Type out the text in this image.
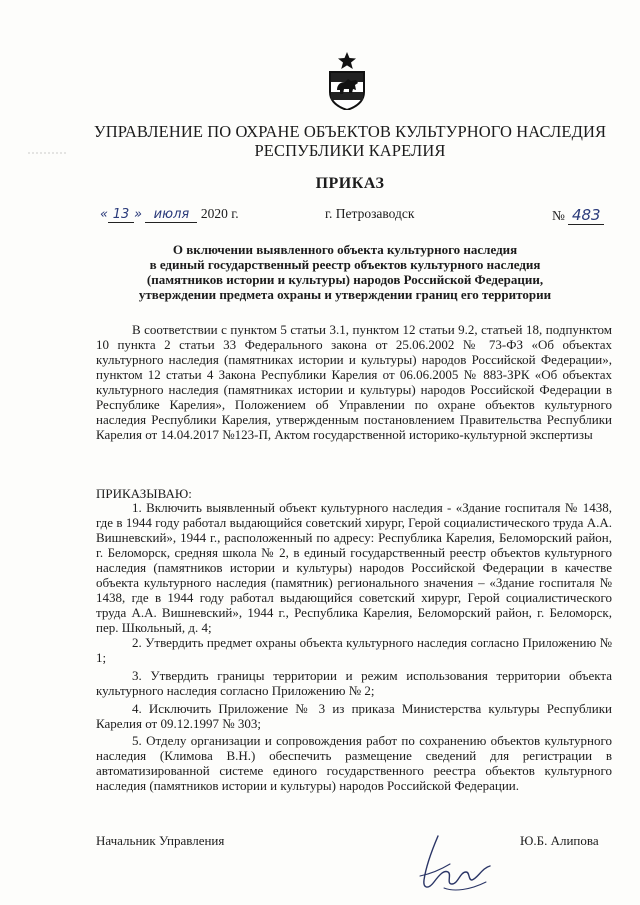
УПРАВЛЕНИЕ ПО ОХРАНЕ ОБЪЕКТОВ КУЛЬТУРНОГО НАСЛЕДИЯ
РЕСПУБЛИКИ КАРЕЛИЯ
ПРИКАЗ
« 13 » июля 2020 г.	г. Петрозаводск	№ 483
О включении выявленного объекта культурного наследия
в единый государственный реестр объектов культурного наследия
(памятников истории и культуры) народов Российской Федерации,
утверждении предмета охраны и утверждении границ его территории

В соответствии с пунктом 5 статьи 3.1, пунктом 12 статьи 9.2, статьей 18, подпунктом 10 пункта 2 статьи 33 Федерального закона от 25.06.2002 № 73-ФЗ «Об объектах культурного наследия (памятниках истории и культуры) народов Российской Федерации», пунктом 12 статьи 4 Закона Республики Карелия от 06.06.2005 № 883-ЗРК «Об объектах культурного наследия (памятниках истории и культуры) народов Российской Федерации в Республике Карелия», Положением об Управлении по охране объектов культурного наследия Республики Карелия, утвержденным постановлением Правительства Республики Карелия от 14.04.2017 №123-П, Актом государственной историко-культурной экспертизы

ПРИКАЗЫВАЮ:

1. Включить выявленный объект культурного наследия - «Здание госпиталя № 1438, где в 1944 году работал выдающийся советский хирург, Герой социалистического труда А.А. Вишневский», 1944 г., расположенный по адресу: Республика Карелия, Беломорский район, г. Беломорск, средняя школа № 2, в единый государственный реестр объектов культурного наследия (памятников истории и культуры) народов Российской Федерации в качестве объекта культурного наследия (памятник) регионального значения – «Здание госпиталя № 1438, где в 1944 году работал выдающийся советский хирург, Герой социалистического труда А.А. Вишневский», 1944 г., Республика Карелия, Беломорский район, г. Беломорск, пер. Школьный, д. 4;

2. Утвердить предмет охраны объекта культурного наследия согласно Приложению № 1;

3. Утвердить границы территории и режим использования территории объекта культурного наследия согласно Приложению № 2;

4. Исключить Приложение № 3 из приказа Министерства культуры Республики Карелия от 09.12.1997 № 303;

5. Отделу организации и сопровождения работ по сохранению объектов культурного наследия (Климова В.Н.) обеспечить размещение сведений для регистрации в автоматизированной системе единого государственного реестра объектов культурного наследия (памятников истории и культуры) народов Российской Федерации.

Начальник Управления	Ю.Б. Алипова
